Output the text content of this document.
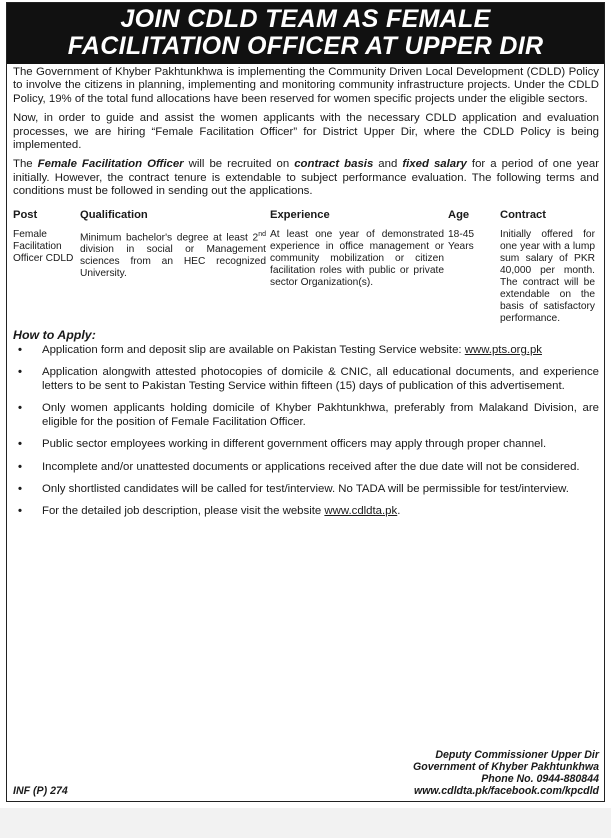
JOIN CDLD TEAM AS FEMALE
FACILITATION OFFICER AT UPPER DIR

The Government of Khyber Pakhtunkhwa is implementing the Community Driven Local Development (CDLD) Policy to involve the citizens in planning, implementing and monitoring community infrastructure projects. Under the CDLD Policy, 19% of the total fund allocations have been reserved for women specific projects under the eligible sectors.

Now, in order to guide and assist the women applicants with the necessary CDLD application and evaluation processes, we are hiring “Female Facilitation Officer” for District Upper Dir, where the CDLD Policy is being implemented.

The Female Facilitation Officer will be recruited on contract basis and fixed salary for a period of one year initially. However, the contract tenure is extendable to subject performance evaluation. The following terms and conditions must be followed in sending out the applications.

Post	Qualification	Experience	Age	Contract
Female Facilitation Officer CDLD	Minimum bachelor's degree at least 2nd division in social or Management sciences from an HEC recognized University.	At least one year of demonstrated experience in office management or community mobilization or citizen facilitation roles with public or private sector Organization(s).	18-45 Years	Initially offered for one year with a lump sum salary of PKR 40,000 per month. The contract will be extendable on the basis of satisfactory performance.
How to Apply:
• Application form and deposit slip are available on Pakistan Testing Service website: www.pts.org.pk
• Application alongwith attested photocopies of domicile & CNIC, all educational documents, and experience letters to be sent to Pakistan Testing Service within fifteen (15) days of publication of this advertisement.
• Only women applicants holding domicile of Khyber Pakhtunkhwa, preferably from Malakand Division, are eligible for the position of Female Facilitation Officer.
• Public sector employees working in different government officers may apply through proper channel.
• Incomplete and/or unattested documents or applications received after the due date will not be considered.
• Only shortlisted candidates will be called for test/interview. No TADA will be permissible for test/interview.
• For the detailed job description, please visit the website www.cdldta.pk.
Deputy Commissioner Upper Dir
Government of Khyber Pakhtunkhwa
Phone No. 0944-880844
www.cdldta.pk/facebook.com/kpcdld
INF (P) 274
